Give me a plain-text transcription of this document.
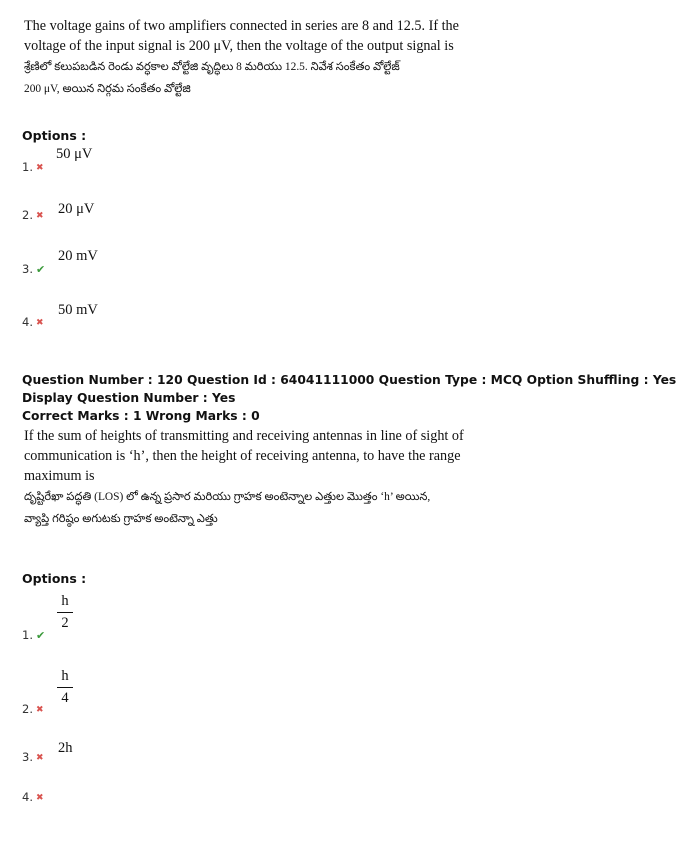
The voltage gains of two amplifiers connected in series are 8 and 12.5. If the
voltage of the input signal is 200 μV, then the voltage of the output signal is
శ్రేణిలో కలుపబడిన రెండు వర్ధకాల వోల్టేజి వృద్ధిలు 8 మరియు 12.5. నివేశ సంకేతం వోల్టేజ్
200 μV, అయిన నిర్గమ సంకేతం వోల్టేజి
Options :
1. ✖
50 μV
2. ✖ 20 μV
3. ✔
20 mV
4. ✖
50 mV
Question Number : 120 Question Id : 64041111000 Question Type : MCQ Option Shuffling : Yes
Display Question Number : Yes
Correct Marks : 1 Wrong Marks : 0
If the sum of heights of transmitting and receiving antennas in line of sight of
communication is ‘h’, then the height of receiving antenna, to have the range
maximum is
దృష్టిరేఖా పద్ధతి (LOS) లో ఉన్న ప్రసార మరియు గ్రాహక అంటెన్నాల ఎత్తుల మొత్తం ‘h’ అయిన,
వ్యాప్తి గరిష్ఠం అగుటకు గ్రాహక అంటెన్నా ఎత్తు
Options :
1. ✔
h
2
2. ✖
h
4
3. ✖
2h
4. ✖
